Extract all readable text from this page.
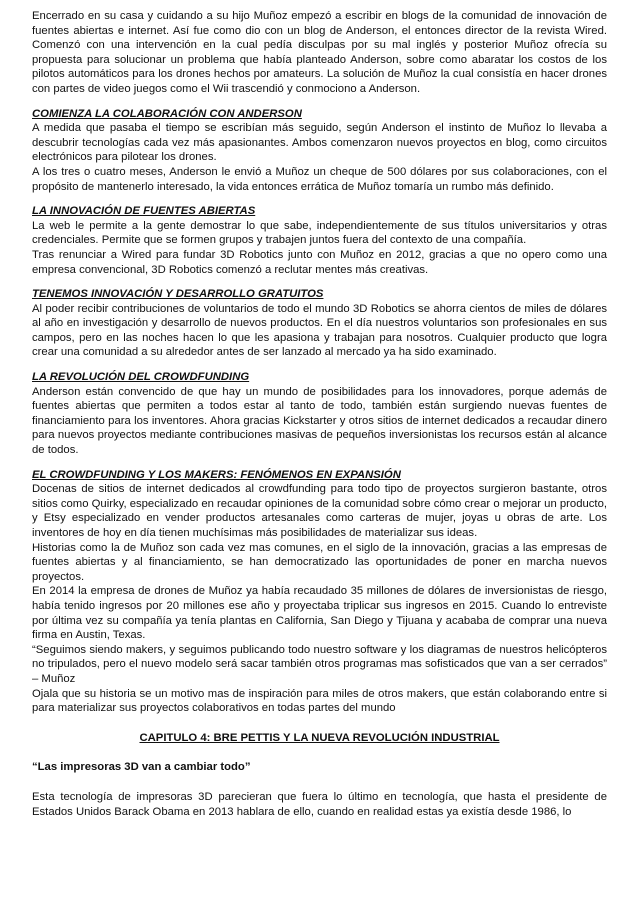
Encerrado en su casa y cuidando a su hijo Muñoz empezó a escribir en blogs de la comunidad de innovación de fuentes abiertas e internet. Así fue como dio con un blog de Anderson, el entonces director de la revista Wired. Comenzó con una intervención en la cual pedía disculpas por su mal inglés y posterior Muñoz ofrecía su propuesta para solucionar un problema que había planteado Anderson, sobre como abaratar los costos de los pilotos automáticos para los drones hechos por amateurs. La solución de Muñoz la cual consistía en hacer drones con partes de video juegos como el Wii trascendió y conmociono a Anderson.

COMIENZA LA COLABORACIÓN CON ANDERSON

A medida que pasaba el tiempo se escribían más seguido, según Anderson el instinto de Muñoz lo llevaba a descubrir tecnologías cada vez más apasionantes. Ambos comenzaron nuevos proyectos en blog, como circuitos electrónicos para pilotear los drones.

A los tres o cuatro meses, Anderson le envió a Muñoz un cheque de 500 dólares por sus colaboraciones, con el propósito de mantenerlo interesado, la vida entonces errática de Muñoz tomaría un rumbo más definido.

LA INNOVACIÓN DE FUENTES ABIERTAS

La web le permite a la gente demostrar lo que sabe, independientemente de sus títulos universitarios y otras credenciales. Permite que se formen grupos y trabajen juntos fuera del contexto de una compañía.

Tras renunciar a Wired para fundar 3D Robotics junto con Muñoz en 2012, gracias a que no opero como una empresa convencional, 3D Robotics comenzó a reclutar mentes más creativas.

TENEMOS INNOVACIÓN Y DESARROLLO GRATUITOS

Al poder recibir contribuciones de voluntarios de todo el mundo 3D Robotics se ahorra cientos de miles de dólares al año en investigación y desarrollo de nuevos productos. En el día nuestros voluntarios son profesionales en sus campos, pero en las noches hacen lo que les apasiona y trabajan para nosotros. Cualquier producto que logra crear una comunidad a su alrededor antes de ser lanzado al mercado ya ha sido examinado.

LA REVOLUCIÓN DEL CROWDFUNDING

Anderson están convencido de que hay un mundo de posibilidades para los innovadores, porque además de fuentes abiertas que permiten a todos estar al tanto de todo, también están surgiendo nuevas fuentes de financiamiento para los inventores. Ahora gracias Kickstarter y otros sitios de internet dedicados a recaudar dinero para nuevos proyectos mediante contribuciones masivas de pequeños inversionistas los recursos están al alcance de todos.

EL CROWDFUNDING Y LOS MAKERS: FENÓMENOS EN EXPANSIÓN

Docenas de sitios de internet dedicados al crowdfunding para todo tipo de proyectos surgieron bastante, otros sitios como Quirky, especializado en recaudar opiniones de la comunidad sobre cómo crear o mejorar un producto, y Etsy especializado en vender productos artesanales como carteras de mujer, joyas u obras de arte. Los inventores de hoy en día tienen muchísimas más posibilidades de materializar sus ideas.

Historias como la de Muñoz son cada vez mas comunes, en el siglo de la innovación, gracias a las empresas de fuentes abiertas y al financiamiento, se han democratizado las oportunidades de poner en marcha nuevos proyectos.

En 2014 la empresa de drones de Muñoz ya había recaudado 35 millones de dólares de inversionistas de riesgo, había tenido ingresos por 20 millones ese año y proyectaba triplicar sus ingresos en 2015. Cuando lo entreviste por última vez su compañía ya tenía plantas en California, San Diego y Tijuana y acababa de comprar una nueva firma en Austin, Texas.

“Seguimos siendo makers, y seguimos publicando todo nuestro software y los diagramas de nuestros helicópteros no tripulados, pero el nuevo modelo será sacar también otros programas mas sofisticados que van a ser cerrados” – Muñoz

Ojala que su historia se un motivo mas de inspiración para miles de otros makers, que están colaborando entre si para materializar sus proyectos colaborativos en todas partes del mundo

CAPITULO 4: BRE PETTIS Y LA NUEVA REVOLUCIÓN INDUSTRIAL
“Las impresoras 3D van a cambiar todo”

Esta tecnología de impresoras 3D parecieran que fuera lo último en tecnología, que hasta el presidente de Estados Unidos Barack Obama en 2013 hablara de ello, cuando en realidad estas ya existía desde 1986, lo
